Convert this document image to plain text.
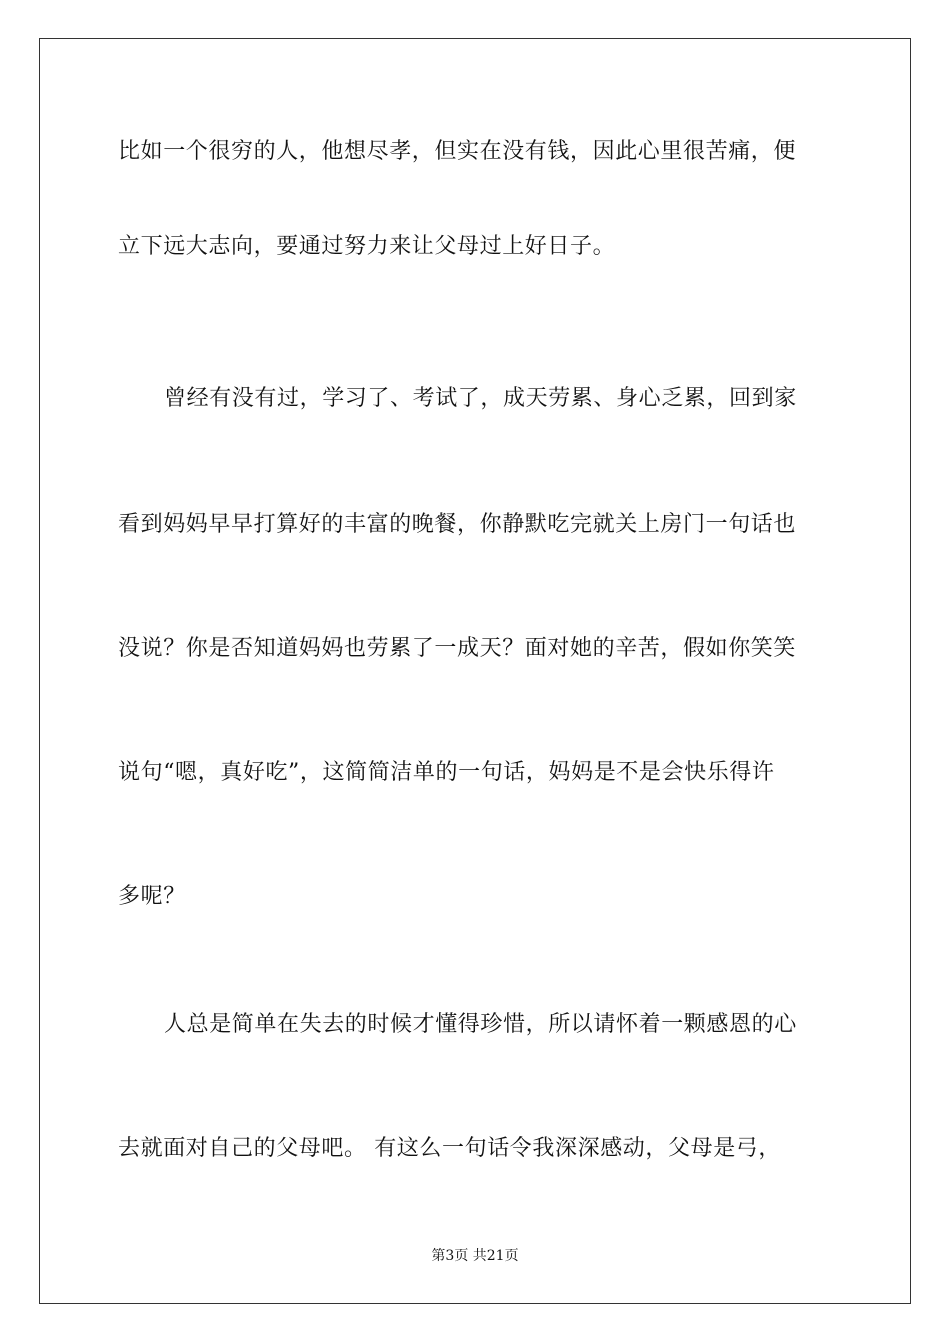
比如一个很穷的人，他想尽孝，但实在没有钱，因此心里很苦痛，便
立下远大志向，要通过努力来让父母过上好日子。
曾经有没有过，学习了、考试了，成天劳累、身心乏累，回到家
看到妈妈早早打算好的丰富的晚餐，你静默吃完就关上房门一句话也
没说？你是否知道妈妈也劳累了一成天？面对她的辛苦，假如你笑笑
说句“嗯，真好吃”，这简简洁单的一句话，妈妈是不是会快乐得许
多呢？
人总是简单在失去的时候才懂得珍惜，所以请怀着一颗感恩的心
去就面对自己的父母吧。 有这么一句话令我深深感动，父母是弓，
第3页 共21页
